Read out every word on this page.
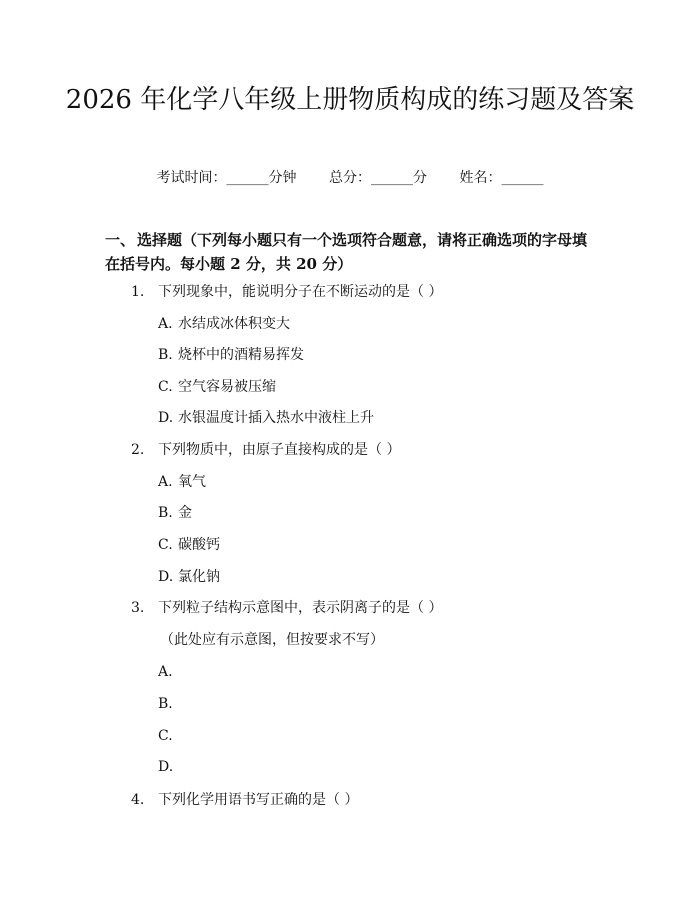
2026 年化学八年级上册物质构成的练习题及答案
考试时间：______分钟 总分：______分 姓名：______
一、 选择题（下列每小题只有一个选项符合题意，请将正确选项的字母填在括号内。每小题 2 分，共 20 分）
1. 下列现象中，能说明分子在不断运动的是（ ）
A. 水结成冰体积变大
B. 烧杯中的酒精易挥发
C. 空气容易被压缩
D. 水银温度计插入热水中液柱上升
2. 下列物质中，由原子直接构成的是（ ）
A. 氧气
B. 金
C. 碳酸钙
D. 氯化钠
3. 下列粒子结构示意图中，表示阴离子的是（ ）
（此处应有示意图，但按要求不写）
A.
B.
C.
D.
4. 下列化学用语书写正确的是（ ）
